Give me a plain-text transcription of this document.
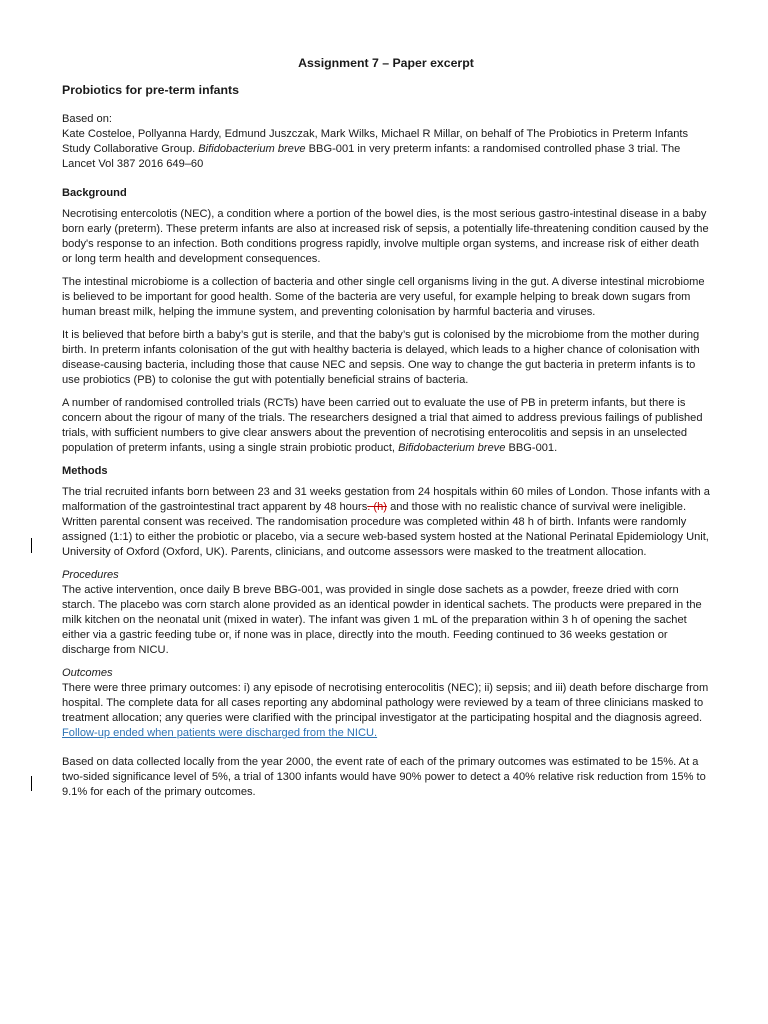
Assignment 7 – Paper excerpt
Probiotics for pre-term infants

Based on:

Kate Costeloe, Pollyanna Hardy, Edmund Juszczak, Mark Wilks, Michael R Millar, on behalf of The Probiotics in Preterm Infants Study Collaborative Group. Bifidobacterium breve BBG-001 in very preterm infants: a randomised controlled phase 3 trial. The Lancet Vol 387 2016 649–60

Background

Necrotising entercolotis (NEC), a condition where a portion of the bowel dies, is the most serious gastro-intestinal disease in a baby born early (preterm). These preterm infants are also at increased risk of sepsis, a potentially life-threatening condition caused by the body's response to an infection. Both conditions progress rapidly, involve multiple organ systems, and increase risk of either death or long term health and development consequences.

The intestinal microbiome is a collection of bacteria and other single cell organisms living in the gut. A diverse intestinal microbiome is believed to be important for good health. Some of the bacteria are very useful, for example helping to break down sugars from human breast milk, helping the immune system, and preventing colonisation by harmful bacteria and viruses.

It is believed that before birth a baby’s gut is sterile, and that the baby’s gut is colonised by the microbiome from the mother during birth. In preterm infants colonisation of the gut with healthy bacteria is delayed, which leads to a higher chance of colonisation with disease-causing bacteria, including those that cause NEC and sepsis. One way to change the gut bacteria in preterm infants is to use probiotics (PB) to colonise the gut with potentially beneficial strains of bacteria.

A number of randomised controlled trials (RCTs) have been carried out to evaluate the use of PB in preterm infants, but there is concern about the rigour of many of the trials. The researchers designed a trial that aimed to address previous failings of published trials, with sufficient numbers to give clear answers about the prevention of necrotising enterocolitis and sepsis in an unselected population of preterm infants, using a single strain probiotic product, Bifidobacterium breve BBG-001.

Methods

The trial recruited infants born between 23 and 31 weeks gestation from 24 hospitals within 60 miles of London. Those infants with a malformation of the gastrointestinal tract apparent by 48 hours. (h) and those with no realistic chance of survival were ineligible. Written parental consent was received. The randomisation procedure was completed within 48 h of birth. Infants were randomly assigned (1:1) to either the probiotic or placebo, via a secure web-based system hosted at the National Perinatal Epidemiology Unit, University of Oxford (Oxford, UK). Parents, clinicians, and outcome assessors were masked to the treatment allocation.

Procedures

The active intervention, once daily B breve BBG-001, was provided in single dose sachets as a powder, freeze dried with corn starch. The placebo was corn starch alone provided as an identical powder in identical sachets. The products were prepared in the milk kitchen on the neonatal unit (mixed in water). The infant was given 1 mL of the preparation within 3 h of opening the sachet either via a gastric feeding tube or, if none was in place, directly into the mouth. Feeding continued to 36 weeks gestation or discharge from NICU.

Outcomes

There were three primary outcomes: i) any episode of necrotising enterocolitis (NEC); ii) sepsis; and iii) death before discharge from hospital. The complete data for all cases reporting any abdominal pathology were reviewed by a team of three clinicians masked to treatment allocation; any queries were clarified with the principal investigator at the participating hospital and the diagnosis agreed. Follow-up ended when patients were discharged from the NICU.

Based on data collected locally from the year 2000, the event rate of each of the primary outcomes was estimated to be 15%. At a two-sided significance level of 5%, a trial of 1300 infants would have 90% power to detect a 40% relative risk reduction from 15% to 9.1% for each of the primary outcomes.
